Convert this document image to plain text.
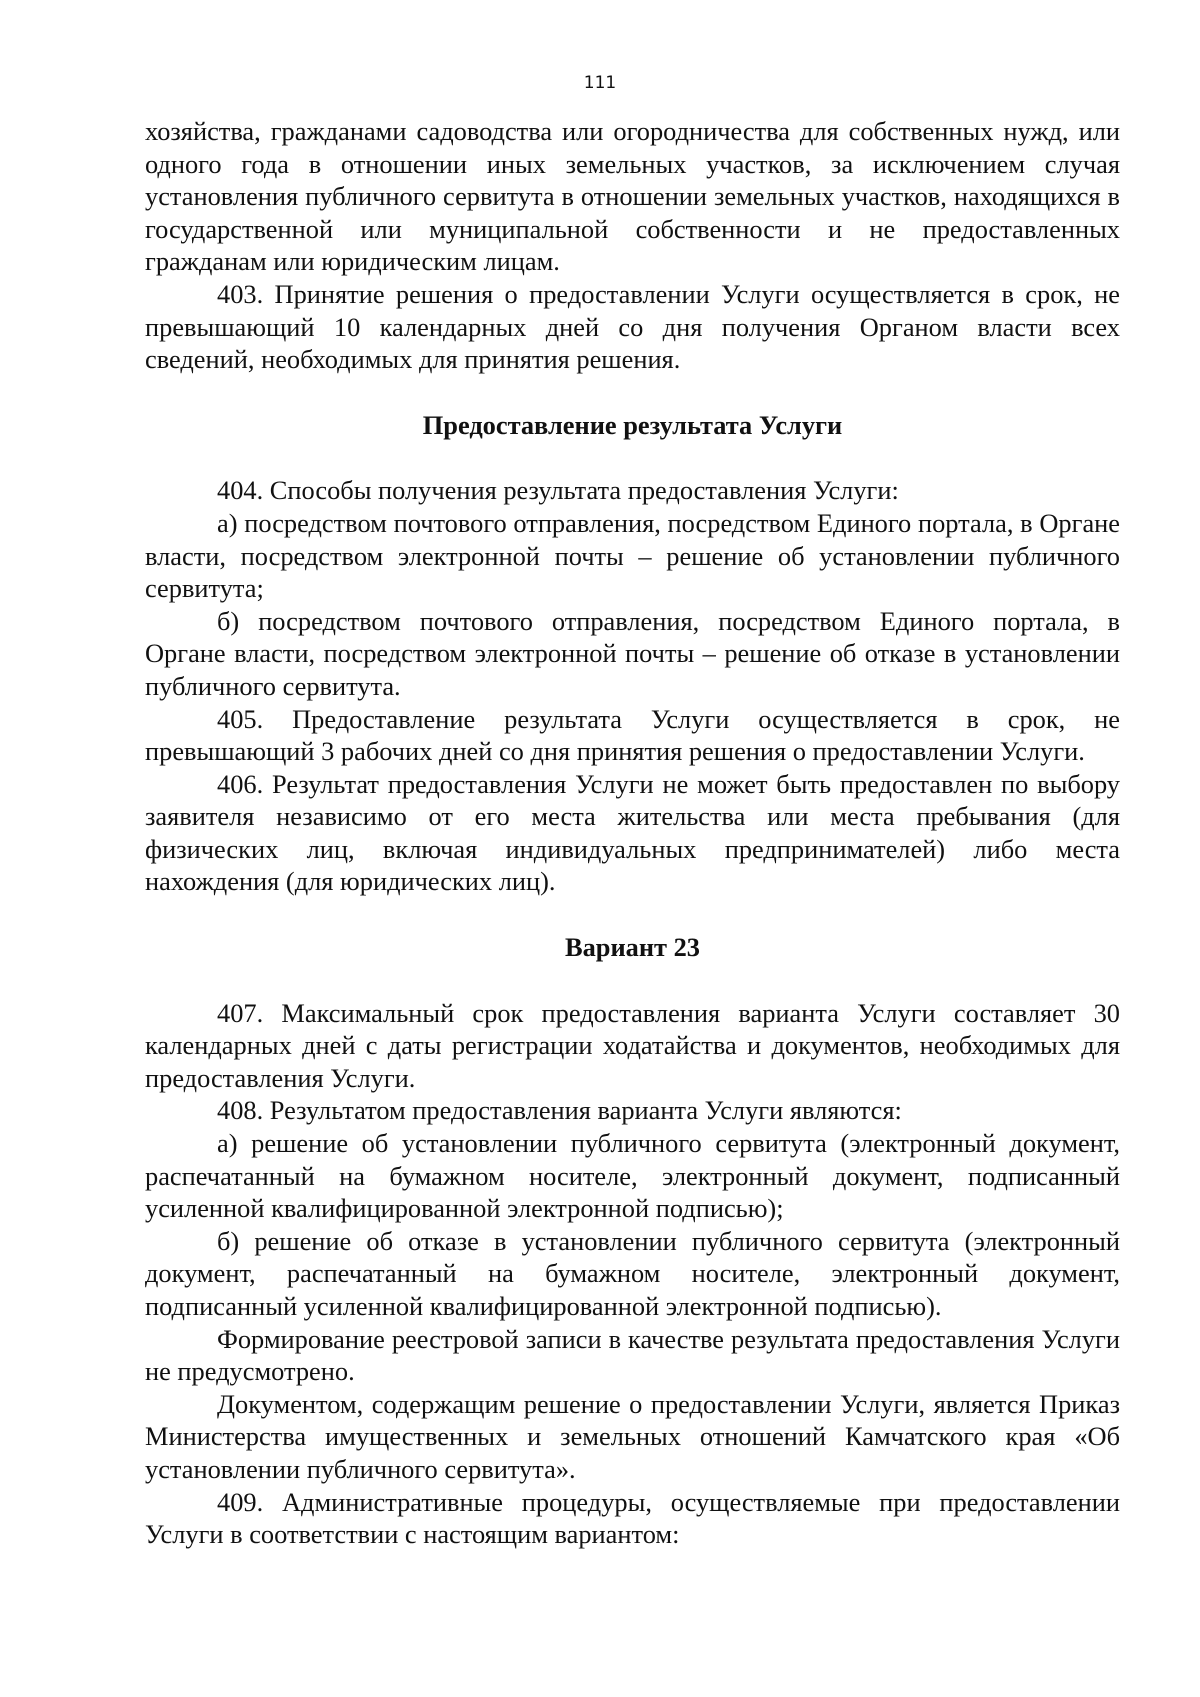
111

хозяйства, гражданами садоводства или огородничества для собственных нужд, или одного года в отношении иных земельных участков, за исключением случая установления публичного сервитута в отношении земельных участков, находящихся в государственной или муниципальной собственности и не предоставленных гражданам или юридическим лицам.

403. Принятие решения о предоставлении Услуги осуществляется в срок, не превышающий 10 календарных дней со дня получения Органом власти всех сведений, необходимых для принятия решения.

Предоставление результата Услуги

404. Способы получения результата предоставления Услуги:

а) посредством почтового отправления, посредством Единого портала, в Органе власти, посредством электронной почты – решение об установлении публичного сервитута;

б) посредством почтового отправления, посредством Единого портала, в Органе власти, посредством электронной почты – решение об отказе в установлении публичного сервитута.

405. Предоставление результата Услуги осуществляется в срок, не превышающий 3 рабочих дней со дня принятия решения о предоставлении Услуги.

406. Результат предоставления Услуги не может быть предоставлен по выбору заявителя независимо от его места жительства или места пребывания (для физических лиц, включая индивидуальных предпринимателей) либо места нахождения (для юридических лиц).

Вариант 23

407. Максимальный срок предоставления варианта Услуги составляет 30 календарных дней с даты регистрации ходатайства и документов, необходимых для предоставления Услуги.

408. Результатом предоставления варианта Услуги являются:

а) решение об установлении публичного сервитута (электронный документ, распечатанный на бумажном носителе, электронный документ, подписанный усиленной квалифицированной электронной подписью);

б) решение об отказе в установлении публичного сервитута (электронный документ, распечатанный на бумажном носителе, электронный документ, подписанный усиленной квалифицированной электронной подписью).

Формирование реестровой записи в качестве результата предоставления Услуги не предусмотрено.

Документом, содержащим решение о предоставлении Услуги, является Приказ Министерства имущественных и земельных отношений Камчатского края «Об установлении публичного сервитута».

409. Административные процедуры, осуществляемые при предоставлении Услуги в соответствии с настоящим вариантом:
